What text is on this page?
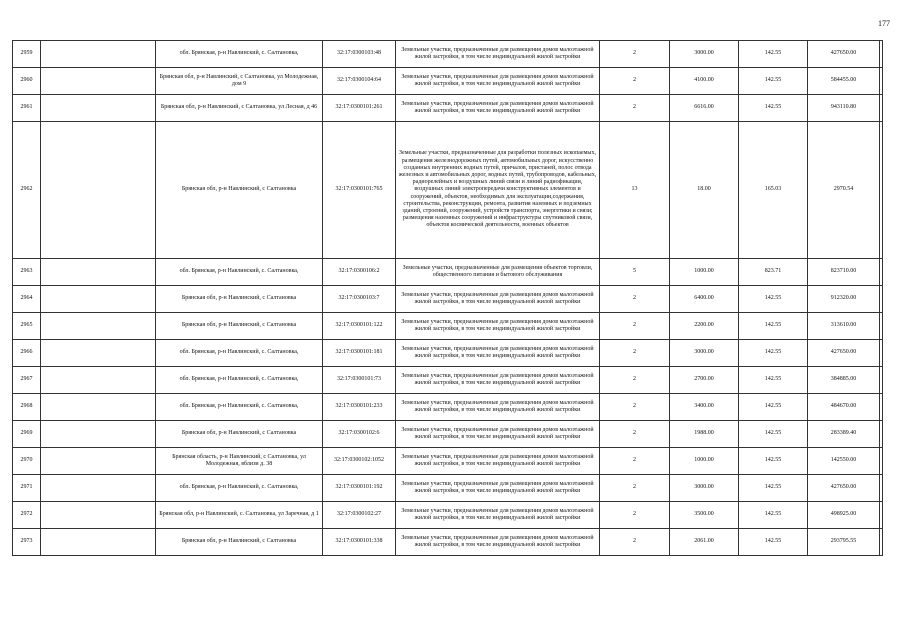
177
2959		обл. Брянская, р-н Навлинский, с. Салтановка,	32:17:0300103:48	Земельные участки, предназначенные для размещения домов малоэтажной жилой застройки, в том числе индивидуальной жилой застройки	2	3000.00	142.55	427650.00	
2960		Брянская обл, р-н Навлинский, с Салтановка, ул Молодежная, дом 9	32:17:0300104:64	Земельные участки, предназначенные для размещения домов малоэтажной жилой застройки, в том числе индивидуальной жилой застройки	2	4100.00	142.55	584455.00	
2961		Брянская обл, р-н Навлинский, с Салтановка, ул Лесная, д 46	32:17:0300101:261	Земельные участки, предназначенные для размещения домов малоэтажной жилой застройки, в том числе индивидуальной жилой застройки	2	6616.00	142.55	943110.80	
2962		Брянская обл, р-н Навлинский, с Салтановка	32:17:0300101:765	Земельные участки, предназначенные для разработки полезных ископаемых, размещения железнодорожных путей, автомобильных дорог, искусственно созданных внутренних водных путей, причалов, пристаней, полос отвода железных и автомобильных дорог, водных путей, трубопроводов, кабельных, радиорелейных и воздушных линий связи и линий радиофикации, воздушных линий электропередачи конструктивных элементов и сооружений, объектов, необходимых для эксплуатации,содержания, строительства, реконструкции, ремонта, развития наземных и подземных зданий, строений, сооружений, устройств транспорта, энергетики и связи; размещения наземных сооружений и инфраструктуры спутниковой связи, объектов космической деятельности, военных объектов	13	18.00	165.03	2970.54	
2963		обл. Брянская, р-н Навлинский, с. Салтановка,	32:17:0300106:2	Земельные участки, предназначенные для размещения объектов торговли, общественного питания и бытового обслуживания	5	1000.00	823.71	823710.00	
2964		Брянская обл, р-н Навлинский, с Салтановка	32:17:0300103:7	Земельные участки, предназначенные для размещения домов малоэтажной жилой застройки, в том числе индивидуальной жилой застройки	2	6400.00	142.55	912320.00	
2965		Брянская обл, р-н Навлинский, с Салтановка	32:17:0300101:122	Земельные участки, предназначенные для размещения домов малоэтажной жилой застройки, в том числе индивидуальной жилой застройки	2	2200.00	142.55	313610.00	
2966		обл. Брянская, р-н Навлинский, с. Салтановка,	32:17:0300101:181	Земельные участки, предназначенные для размещения домов малоэтажной жилой застройки, в том числе индивидуальной жилой застройки	2	3000.00	142.55	427650.00	
2967		обл. Брянская, р-н Навлинский, с. Салтановка,	32:17:0300101:73	Земельные участки, предназначенные для размещения домов малоэтажной жилой застройки, в том числе индивидуальной жилой застройки	2	2700.00	142.55	384885.00	
2968		обл. Брянская, р-н Навлинский, с. Салтановка,	32:17:0300101:233	Земельные участки, предназначенные для размещения домов малоэтажной жилой застройки, в том числе индивидуальной жилой застройки	2	3400.00	142.55	484670.00	
2969		Брянская обл, р-н Навлинский, с Салтановка	32:17:0300102:6	Земельные участки, предназначенные для размещения домов малоэтажной жилой застройки, в том числе индивидуальной жилой застройки	2	1988.00	142.55	283389.40	
2970		Брянская область, р-н Навлинский, с Салтановка, ул Молодежная, вблизи д. 38	32:17:0300102:1052	Земельные участки, предназначенные для размещения домов малоэтажной жилой застройки, в том числе индивидуальной жилой застройки	2	1000.00	142.55	142550.00	
2971		обл. Брянская, р-н Навлинский, с. Салтановка,	32:17:0300101:192	Земельные участки, предназначенные для размещения домов малоэтажной жилой застройки, в том числе индивидуальной жилой застройки	2	3000.00	142.55	427650.00	
2972		Брянская обл, р-н Навлинский, с. Салтановка, ул Заречная, д 1	32:17:0300102:27	Земельные участки, предназначенные для размещения домов малоэтажной жилой застройки, в том числе индивидуальной жилой застройки	2	3500.00	142.55	498925.00	
2973		Брянская обл, р-н Навлинский, с Салтановка	32:17:0300101:338	Земельные участки, предназначенные для размещения домов малоэтажной жилой застройки, в том числе индивидуальной жилой застройки	2	2061.00	142.55	293795.55	
